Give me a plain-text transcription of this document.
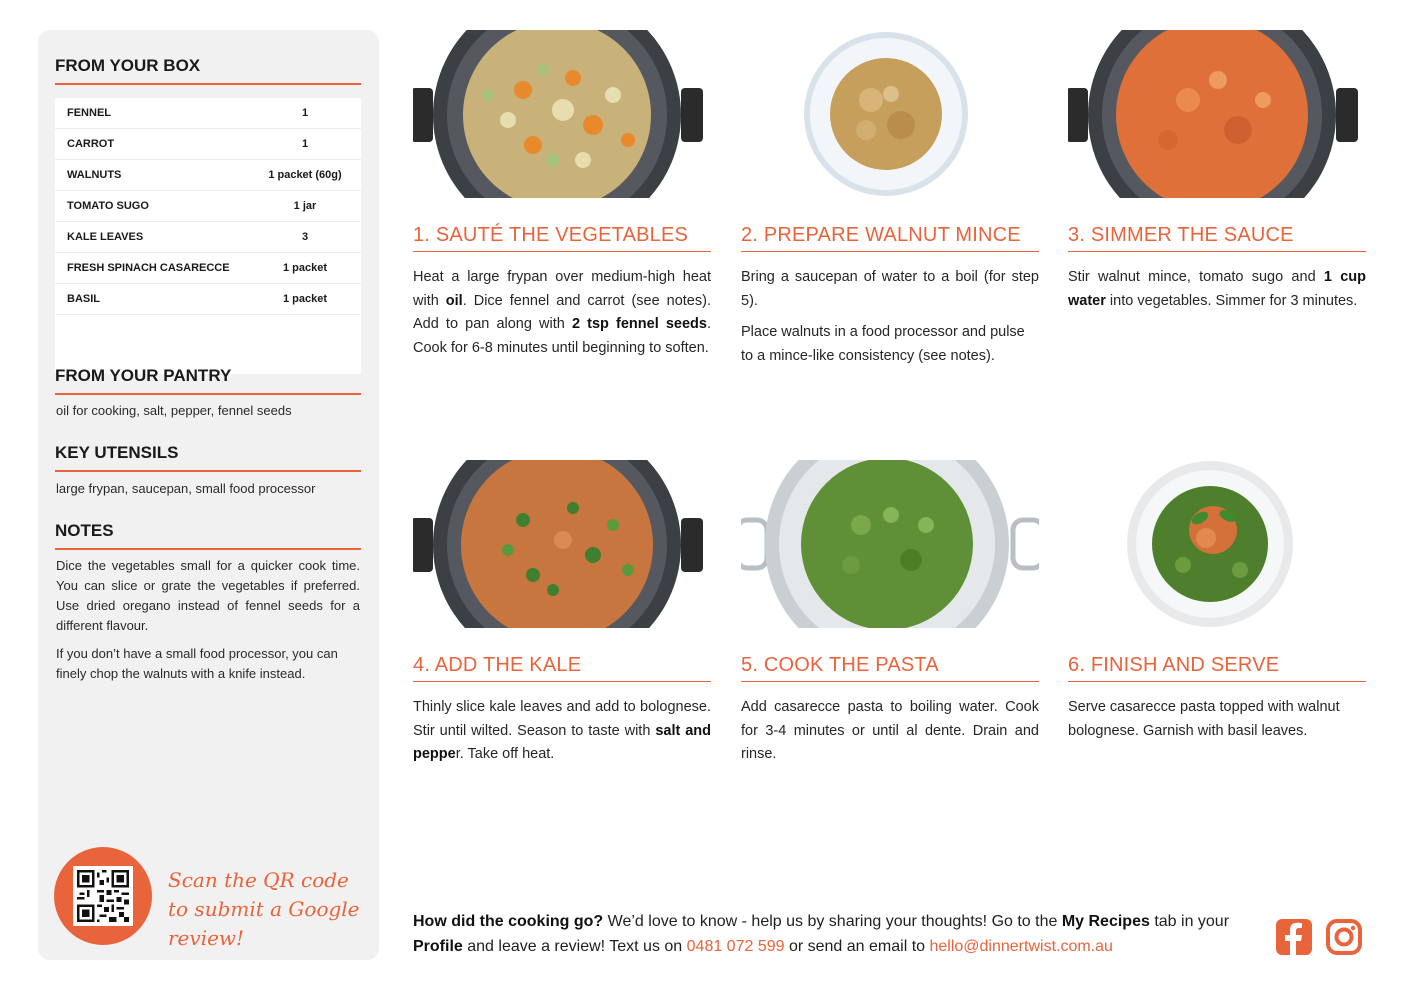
FROM YOUR BOX
FENNEL	1
CARROT	1
WALNUTS	1 packet (60g)
TOMATO SUGO	1 jar
KALE LEAVES	3
FRESH SPINACH CASARECCE	1 packet
BASIL	1 packet
FROM YOUR PANTRY
oil for cooking, salt, pepper, fennel seeds
KEY UTENSILS
large frypan, saucepan, small food processor
NOTES
Dice the vegetables small for a quicker cook time. You can slice or grate the vegetables if preferred. Use dried oregano instead of fennel seeds for a different flavour.
If you don’t have a small food processor, you can finely chop the walnuts with a knife instead.
Scan the QR code to submit a Google review!
1. SAUTÉ THE VEGETABLES

Heat a large frypan over medium-high heat with oil. Dice fennel and carrot (see notes). Add to pan along with 2 tsp fennel seeds. Cook for 6-8 minutes until beginning to soften.

2. PREPARE WALNUT MINCE

Bring a saucepan of water to a boil (for step 5).

Place walnuts in a food processor and pulse to a mince-like consistency (see notes).

3. SIMMER THE SAUCE

Stir walnut mince, tomato sugo and 1 cup water into vegetables. Simmer for 3 minutes.

4. ADD THE KALE

Thinly slice kale leaves and add to bolognese. Stir until wilted. Season to taste with salt and pepper. Take off heat.

5. COOK THE PASTA

Add casarecce pasta to boiling water. Cook for 3-4 minutes or until al dente. Drain and rinse.

6. FINISH AND SERVE

Serve casarecce pasta topped with walnut bolognese. Garnish with basil leaves.

How did the cooking go? We’d love to know - help us by sharing your thoughts! Go to the My Recipes tab in your Profile and leave a review! Text us on 0481 072 599 or send an email to hello@dinnertwist.com.au
